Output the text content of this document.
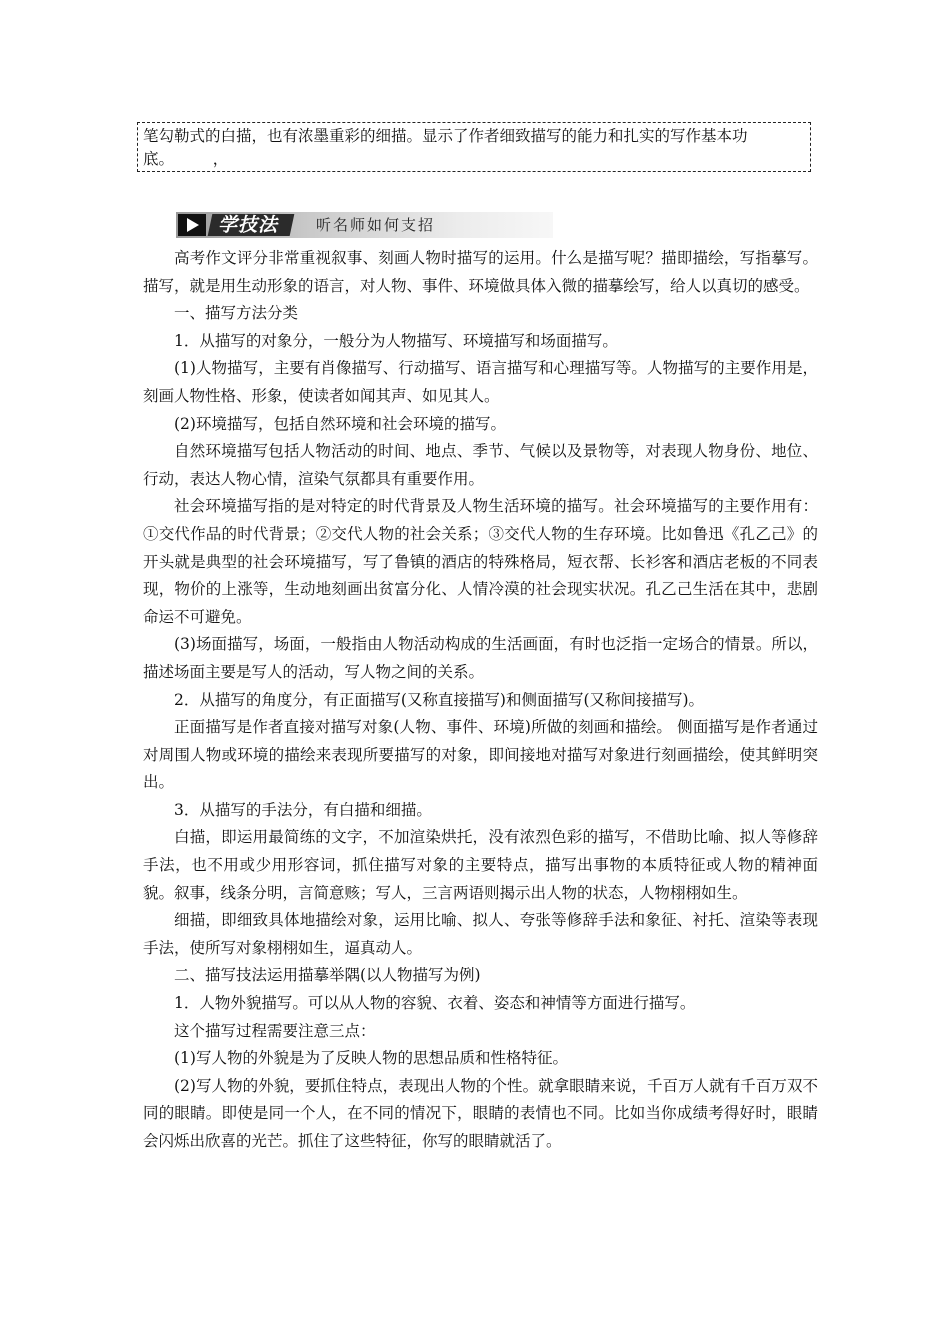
笔勾勒式的白描，也有浓墨重彩的细描。显示了作者细致描写的能力和扎实的写作基本功底。　　　，
学技法	听名师如何支招

高考作文评分非常重视叙事、刻画人物时描写的运用。什么是描写呢？描即描绘，写指摹写。描写，就是用生动形象的语言，对人物、事件、环境做具体入微的描摹绘写，给人以真切的感受。

一、描写方法分类

1．从描写的对象分，一般分为人物描写、环境描写和场面描写。

(1)人物描写，主要有肖像描写、行动描写、语言描写和心理描写等。人物描写的主要作用是，刻画人物性格、形象，使读者如闻其声、如见其人。

(2)环境描写，包括自然环境和社会环境的描写。

自然环境描写包括人物活动的时间、地点、季节、气候以及景物等，对表现人物身份、地位、行动，表达人物心情，渲染气氛都具有重要作用。

社会环境描写指的是对特定的时代背景及人物生活环境的描写。社会环境描写的主要作用有：①交代作品的时代背景；②交代人物的社会关系；③交代人物的生存环境。比如鲁迅《孔乙己》的开头就是典型的社会环境描写，写了鲁镇的酒店的特殊格局，短衣帮、长衫客和酒店老板的不同表现，物价的上涨等，生动地刻画出贫富分化、人情冷漠的社会现实状况。孔乙己生活在其中，悲剧命运不可避免。

(3)场面描写，场面，一般指由人物活动构成的生活画面，有时也泛指一定场合的情景。所以，描述场面主要是写人的活动，写人物之间的关系。

2．从描写的角度分，有正面描写(又称直接描写)和侧面描写(又称间接描写)。

正面描写是作者直接对描写对象(人物、事件、环境)所做的刻画和描绘。 侧面描写是作者通过对周围人物或环境的描绘来表现所要描写的对象，即间接地对描写对象进行刻画描绘，使其鲜明突出。

3．从描写的手法分，有白描和细描。

白描，即运用最简练的文字，不加渲染烘托，没有浓烈色彩的描写，不借助比喻、拟人等修辞手法，也不用或少用形容词，抓住描写对象的主要特点，描写出事物的本质特征或人物的精神面貌。叙事，线条分明，言简意赅；写人，三言两语则揭示出人物的状态，人物栩栩如生。

细描，即细致具体地描绘对象，运用比喻、拟人、夸张等修辞手法和象征、衬托、渲染等表现手法，使所写对象栩栩如生，逼真动人。

二、描写技法运用描摹举隅(以人物描写为例)

1．人物外貌描写。可以从人物的容貌、衣着、姿态和神情等方面进行描写。

这个描写过程需要注意三点：

(1)写人物的外貌是为了反映人物的思想品质和性格特征。

(2)写人物的外貌，要抓住特点，表现出人物的个性。就拿眼睛来说，千百万人就有千百万双不同的眼睛。即使是同一个人，在不同的情况下，眼睛的表情也不同。比如当你成绩考得好时，眼睛会闪烁出欣喜的光芒。抓住了这些特征，你写的眼睛就活了。
